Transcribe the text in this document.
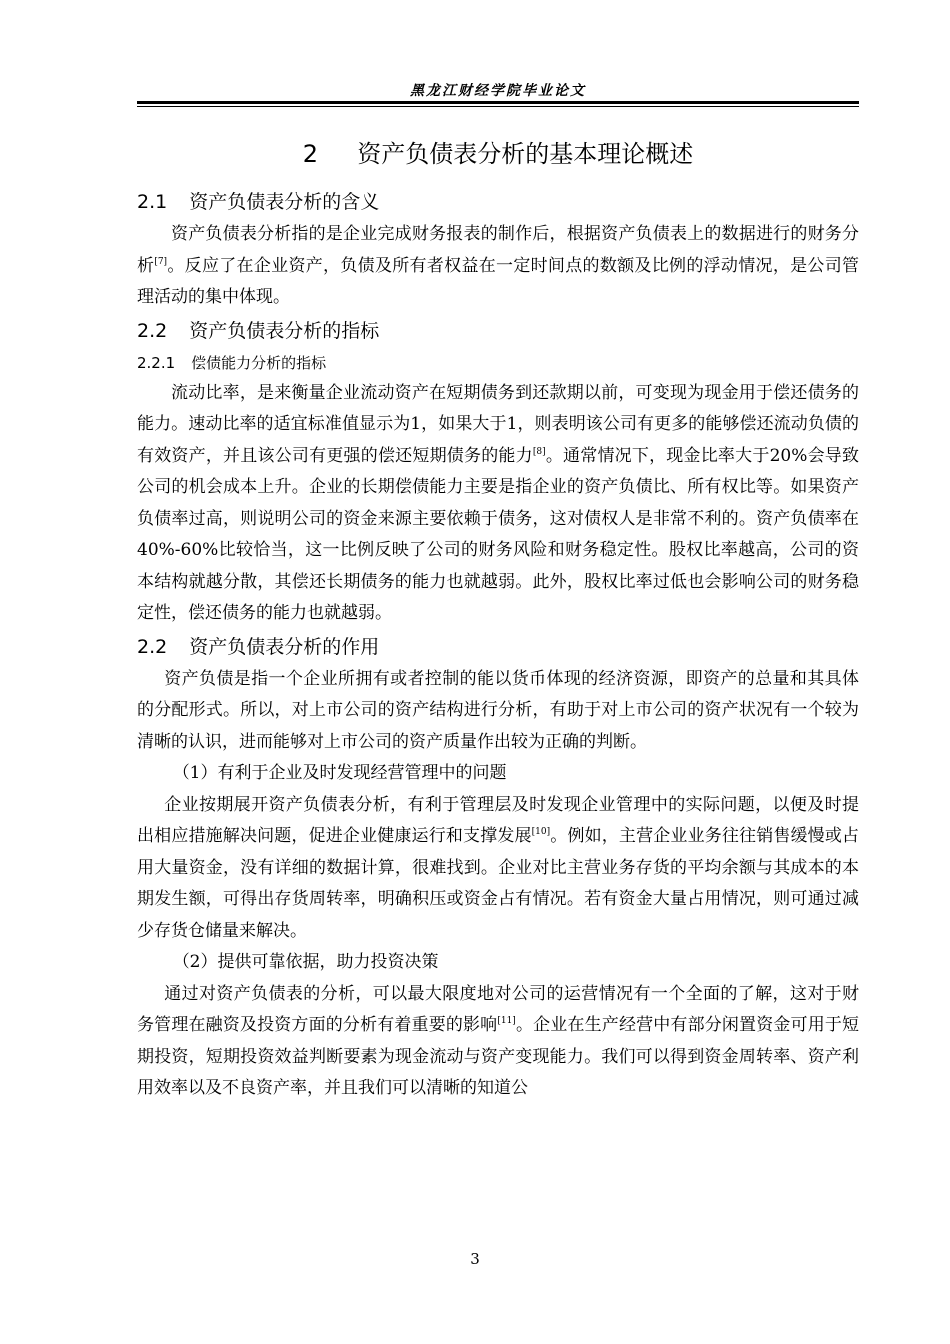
黑龙江财经学院毕业论文
2 资产负债表分析的基本理论概述
2.1 资产负债表分析的含义

资产负债表分析指的是企业完成财务报表的制作后，根据资产负债表上的数据进行的财务分析[7]。反应了在企业资产，负债及所有者权益在一定时间点的数额及比例的浮动情况，是公司管理活动的集中体现。

2.2 资产负债表分析的指标
2.2.1 偿债能力分析的指标

流动比率，是来衡量企业流动资产在短期债务到还款期以前，可变现为现金用于偿还债务的能力。速动比率的适宜标准值显示为1，如果大于1，则表明该公司有更多的能够偿还流动负债的有效资产，并且该公司有更强的偿还短期债务的能力[8]。通常情况下，现金比率大于20%会导致公司的机会成本上升。企业的长期偿债能力主要是指企业的资产负债比、所有权比等。如果资产负债率过高，则说明公司的资金来源主要依赖于债务，这对债权人是非常不利的。资产负债率在40%-60%比较恰当，这一比例反映了公司的财务风险和财务稳定性。股权比率越高，公司的资本结构就越分散，其偿还长期债务的能力也就越弱。此外，股权比率过低也会影响公司的财务稳定性，偿还债务的能力也就越弱。

2.2 资产负债表分析的作用

资产负债是指一个企业所拥有或者控制的能以货币体现的经济资源，即资产的总量和其具体的分配形式。所以，对上市公司的资产结构进行分析，有助于对上市公司的资产状况有一个较为清晰的认识，进而能够对上市公司的资产质量作出较为正确的判断。

（1）有利于企业及时发现经营管理中的问题

企业按期展开资产负债表分析，有利于管理层及时发现企业管理中的实际问题，以便及时提出相应措施解决问题，促进企业健康运行和支撑发展[10]。例如，主营企业业务往往销售缓慢或占用大量资金，没有详细的数据计算，很难找到。企业对比主营业务存货的平均余额与其成本的本期发生额，可得出存货周转率，明确积压或资金占有情况。若有资金大量占用情况，则可通过减少存货仓储量来解决。

（2）提供可靠依据，助力投资决策

通过对资产负债表的分析，可以最大限度地对公司的运营情况有一个全面的了解，这对于财务管理在融资及投资方面的分析有着重要的影响[11]。企业在生产经营中有部分闲置资金可用于短期投资，短期投资效益判断要素为现金流动与资产变现能力。我们可以得到资金周转率、资产利用效率以及不良资产率，并且我们可以清晰的知道公

3
